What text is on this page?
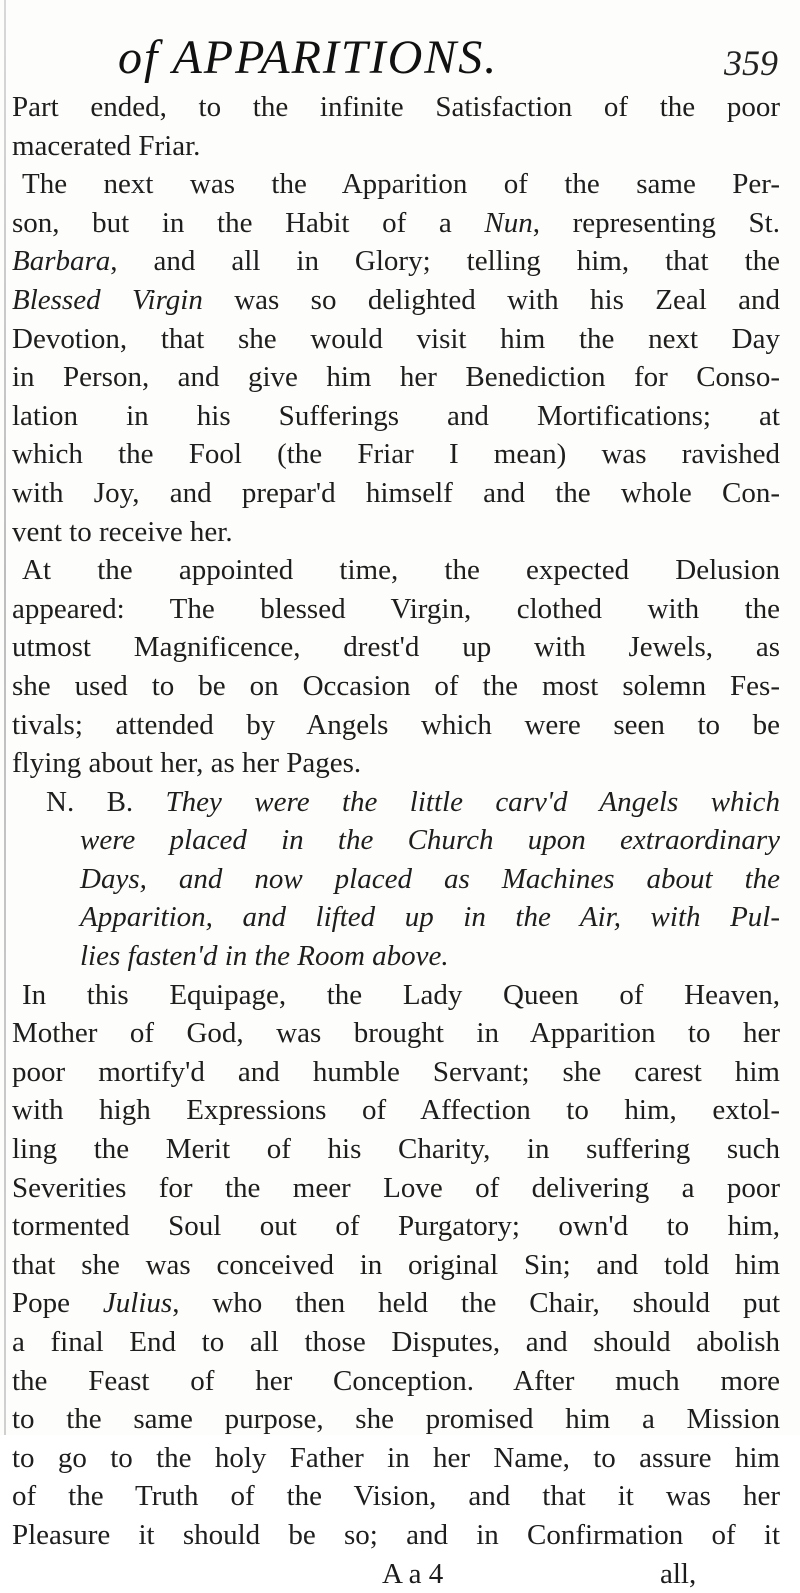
of APPARITIONS.	359
Part ended, to the infinite Satisfaction of the poor
macerated Friar.
The next was the Apparition of the same Per-
son, but in the Habit of a Nun, representing St.
Barbara, and all in Glory; telling him, that the
Blessed Virgin was so delighted with his Zeal and
Devotion, that she would visit him the next Day
in Person, and give him her Benediction for Conso-
lation in his Sufferings and Mortifications; at
which the Fool (the Friar I mean) was ravished
with Joy, and prepar'd himself and the whole Con-
vent to receive her.
At the appointed time, the expected Delusion
appeared: The blessed Virgin, clothed with the
utmost Magnificence, drest'd up with Jewels, as
she used to be on Occasion of the most solemn Fes-
tivals; attended by Angels which were seen to be
flying about her, as her Pages.
N. B. They were the little carv'd Angels which
were placed in the Church upon extraordinary
Days, and now placed as Machines about the
Apparition, and lifted up in the Air, with Pul-
lies fasten'd in the Room above.
In this Equipage, the Lady Queen of Heaven,
Mother of God, was brought in Apparition to her
poor mortify'd and humble Servant; she carest him
with high Expressions of Affection to him, extol-
ling the Merit of his Charity, in suffering such
Severities for the meer Love of delivering a poor
tormented Soul out of Purgatory; own'd to him,
that she was conceived in original Sin; and told him
Pope Julius, who then held the Chair, should put
a final End to all those Disputes, and should abolish
the Feast of her Conception. After much more
to the same purpose, she promised him a Mission
to go to the holy Father in her Name, to assure him
of the Truth of the Vision, and that it was her
Pleasure it should be so; and in Confirmation of it
A a 4	all,
